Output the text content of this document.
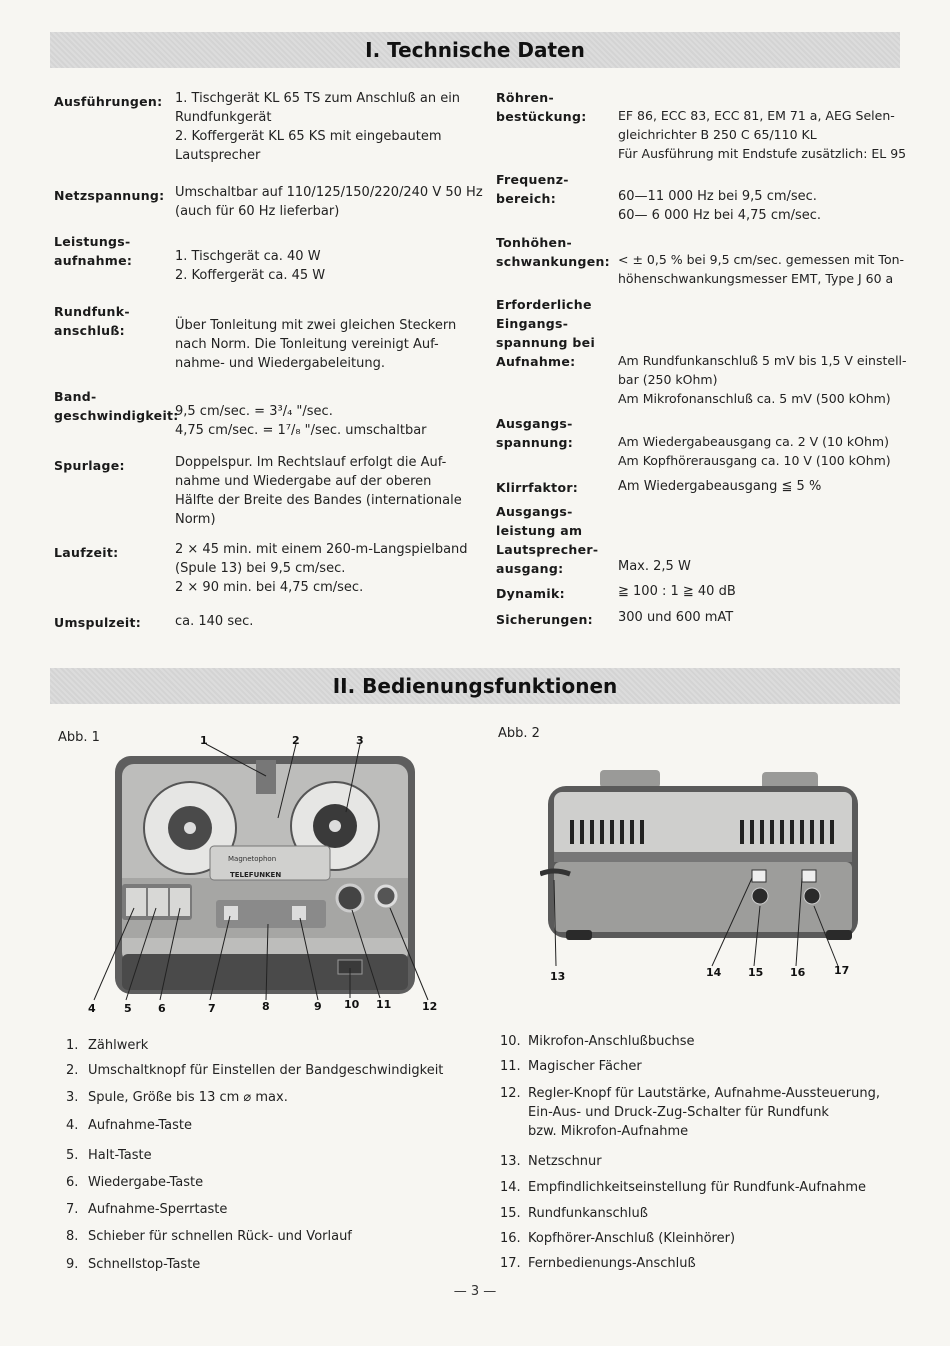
I. Technische Daten
Ausführungen: 1. Tischgerät KL 65 TS zum Anschluß an ein
Rundfunkgerät
2. Koffergerät KL 65 KS mit eingebautem
Lautsprecher
Netzspannung: Umschaltbar auf 110/125/150/220/240 V 50 Hz
(auch für 60 Hz lieferbar)
Leistungs-
aufnahme:	1. Tischgerät ca. 40 W
2. Koffergerät ca. 45 W
Rundfunk-
anschluß:	Über Tonleitung mit zwei gleichen Steckern
nach Norm. Die Tonleitung vereinigt Auf-
nahme- und Wiedergabeleitung.
Band-
geschwindigkeit:
9,5 cm/sec. = 3³/₄ "/sec.
4,75 cm/sec. = 1⁷/₈ "/sec. umschaltbar
Spurlage:	Doppelspur. Im Rechtslauf erfolgt die Auf-
nahme und Wiedergabe auf der oberen
Hälfte der Breite des Bandes (internationale
Norm)
Laufzeit:	2 × 45 min. mit einem 260-m-Langspielband
(Spule 13) bei 9,5 cm/sec.
2 × 90 min. bei 4,75 cm/sec.
Umspulzeit:	ca. 140 sec.
Röhren-
bestückung:	EF 86, ECC 83, ECC 81, EM 71 a, AEG Selen-
gleichrichter B 250 C 65/110 KL
Für Ausführung mit Endstufe zusätzlich: EL 95
Frequenz-
bereich:	60—11 000 Hz bei 9,5 cm/sec.
60— 6 000 Hz bei 4,75 cm/sec.
Tonhöhen-
schwankungen: < ± 0,5 % bei 9,5 cm/sec. gemessen mit Ton-
höhenschwankungsmesser EMT, Type J 60 a
Erforderliche
Eingangs-
spannung bei
Aufnahme:	Am Rundfunkanschluß 5 mV bis 1,5 V einstell-
bar (250 kOhm)
Am Mikrofonanschluß ca. 5 mV (500 kOhm)
Ausgangs-
spannung:	Am Wiedergabeausgang ca. 2 V (10 kOhm)
Am Kopfhörerausgang ca. 10 V (100 kOhm)
Klirrfaktor:	Am Wiedergabeausgang ≦ 5 %
Ausgangs-
leistung am
Lautsprecher-
ausgang:	Max. 2,5 W
Dynamik:	≧ 100 : 1 ≧ 40 dB
Sicherungen: 300 und 600 mAT
II. Bedienungsfunktionen
Abb. 1	Abb. 2
Magnetophon
TELEFUNKEN
1	2	3
4	5 6	7	8	9 10 11	12
13	14 15 16	17
1. Zählwerk
2. Umschaltknopf für Einstellen der Bandgeschwindigkeit
3. Spule, Größe bis 13 cm ⌀ max.
4. Aufnahme-Taste
5. Halt-Taste
6. Wiedergabe-Taste
7. Aufnahme-Sperrtaste
8. Schieber für schnellen Rück- und Vorlauf
9. Schnellstop-Taste
10. Mikrofon-Anschlußbuchse
11. Magischer Fächer
12. Regler-Knopf für Lautstärke, Aufnahme-Aussteuerung,
Ein-Aus- und Druck-Zug-Schalter für Rundfunk
bzw. Mikrofon-Aufnahme
13. Netzschnur
14. Empfindlichkeitseinstellung für Rundfunk-Aufnahme
15. Rundfunkanschluß
16. Kopfhörer-Anschluß (Kleinhörer)
17. Fernbedienungs-Anschluß
— 3 —
